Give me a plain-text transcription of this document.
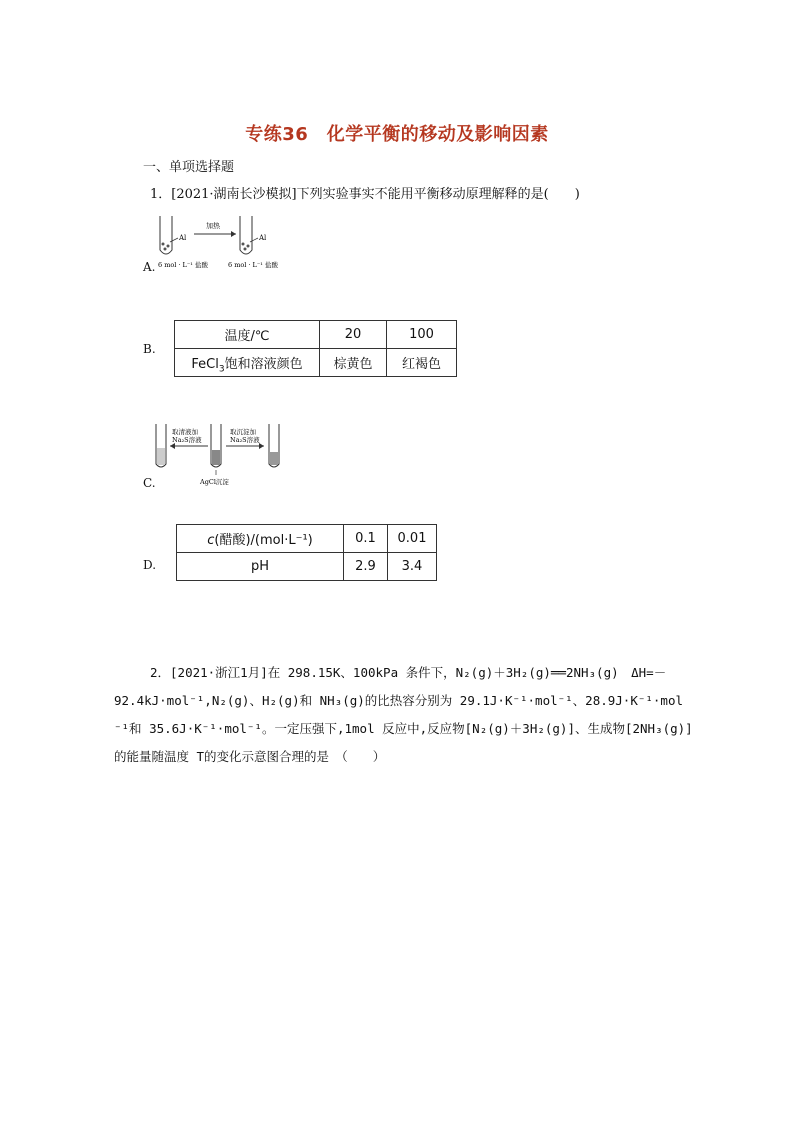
专练36　化学平衡的移动及影响因素
一、单项选择题
1．[2021·湖南长沙模拟]下列实验事实不能用平衡移动原理解释的是(　　)
A.
Al
加热
Al
6 mol · L⁻¹ 盐酸	6 mol · L⁻¹ 盐酸
B.
温度/℃	20	100
FeCl$_3$饱和溶液颜色	棕黄色	红褐色
C.
取清液加
Na₂S溶液
AgCl沉淀
取沉淀加
Na₂S溶液
D.
c(醋酸)/(mol·L⁻¹)	0.1	0.01
pH	2.9	3.4
2．[2021·浙江1月]在 298.15K、100kPa 条件下，N₂(g)＋3H₂(g)══2NH₃(g)　ΔH=－
92.4kJ·mol⁻¹,N₂(g)、H₂(g)和 NH₃(g)的比热容分别为 29.1J·K⁻¹·mol⁻¹、28.9J·K⁻¹·mol
⁻¹和 35.6J·K⁻¹·mol⁻¹。一定压强下,1mol 反应中,反应物[N₂(g)＋3H₂(g)]、生成物[2NH₃(g)]
的能量随温度 T的变化示意图合理的是　（　　）
